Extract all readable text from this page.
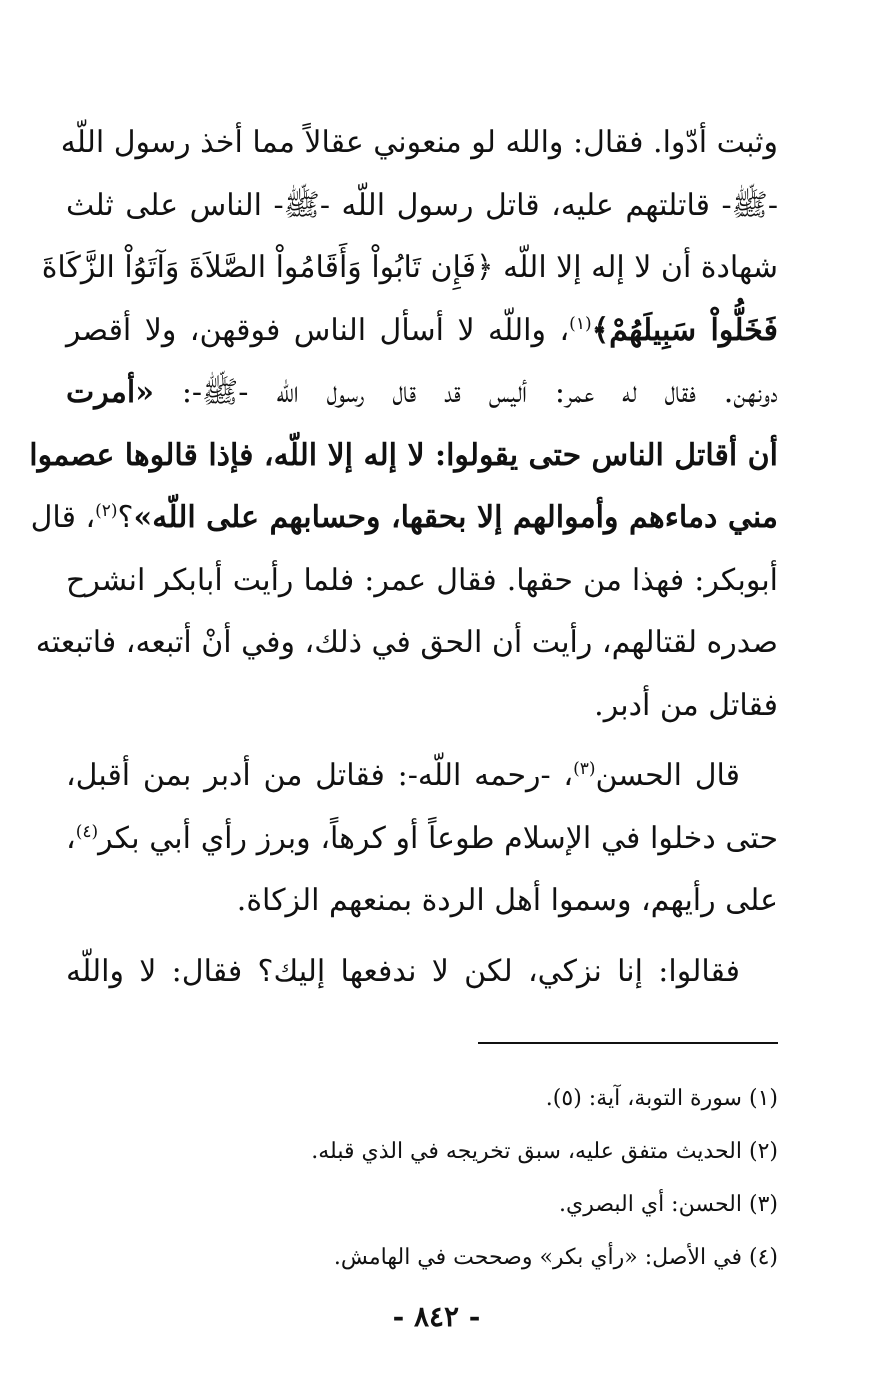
وثبت أدّوا. فقال: والله لو منعوني عقالاً مما أخذ رسول اللّه
-ﷺ- قاتلتهم عليه، قاتل رسول اللّه -ﷺ- الناس على ثلث
شهادة أن لا إله إلا اللّه ﴿فَإِن تَابُواْ وَأَقَامُواْ الصَّلاَةَ وَآتَوُاْ الزَّكَاةَ
فَخَلُّواْ سَبِيلَهُمْ﴾$^{(١)}$، واللّه لا أسأل الناس فوقهن، ولا أقصر
دونهن. فقال له عمر: أليس قد قال رسول اللّه -ﷺ-: «أمرت
أن أقاتل الناس حتى يقولوا: لا إله إلا اللّه، فإذا قالوها عصموا
مني دماءهم وأموالهم إلا بحقها، وحسابهم على اللّه»؟$^{(٢)}$، قال
أبوبكر: فهذا من حقها. فقال عمر: فلما رأيت أبابكر انشرح
صدره لقتالهم، رأيت أن الحق في ذلك، وفي أنْ أتبعه، فاتبعته
فقاتل من أدبر.
قال الحسن$^{(٣)}$، -رحمه اللّه-: فقاتل من أدبر بمن أقبل،
حتى دخلوا في الإسلام طوعاً أو كرهاً، وبرز رأي أبي بكر$^{(٤)}$،
على رأيهم، وسموا أهل الردة بمنعهم الزكاة.
فقالوا: إنا نزكي، لكن لا ندفعها إليك؟ فقال: لا واللّه
(١) سورة التوبة، آية: (٥).
(٢) الحديث متفق عليه، سبق تخريجه في الذي قبله.
(٣) الحسن: أي البصري.
(٤) في الأصل: «رأي بكر» وصححت في الهامش.
- ٨٤٢ -
